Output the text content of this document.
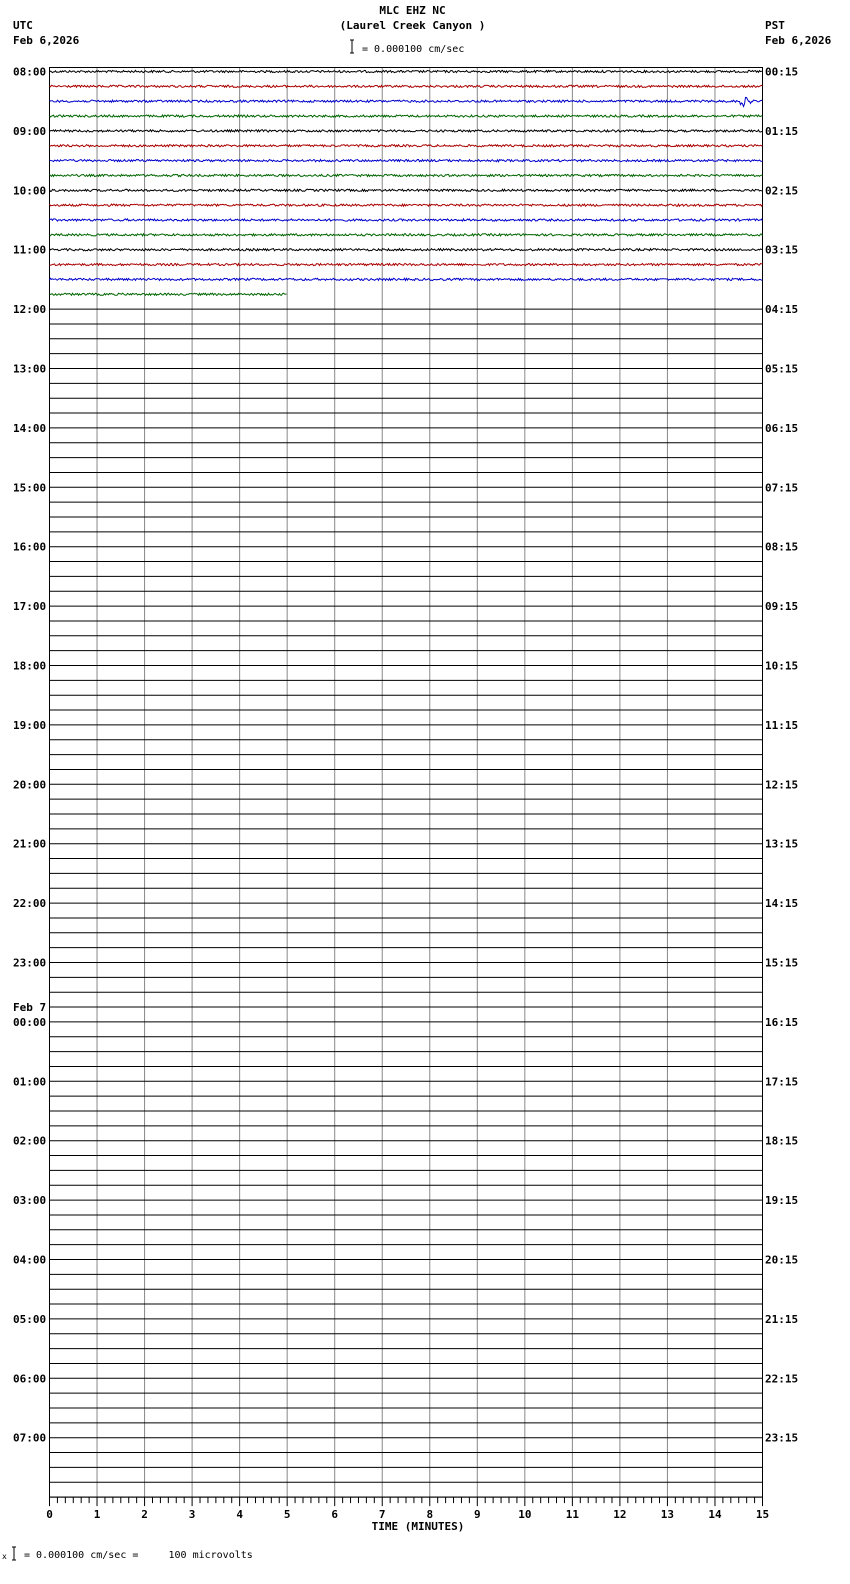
MLC EHZ NC
(Laurel Creek Canyon )
UTC
Feb 6,2026
PST
Feb 6,2026
= 0.000100 cm/sec
x = 0.000100 cm/sec =     100 microvolts
08:00
09:00
10:00
11:00
12:00
13:00
14:00
15:00
16:00
17:00
18:00
19:00
20:00
21:00
22:00
23:00
00:00
01:00
02:00
03:00
04:00
05:00
06:00
07:00
Feb 7
00:15
01:15
02:15
03:15
04:15
05:15
06:15
07:15
08:15
09:15
10:15
11:15
12:15
13:15
14:15
15:15
16:15
17:15
18:15
19:15
20:15
21:15
22:15
23:15
0	1	2	3	4	5	6	7	8	9	10	11	12	13	14	15
TIME (MINUTES)
